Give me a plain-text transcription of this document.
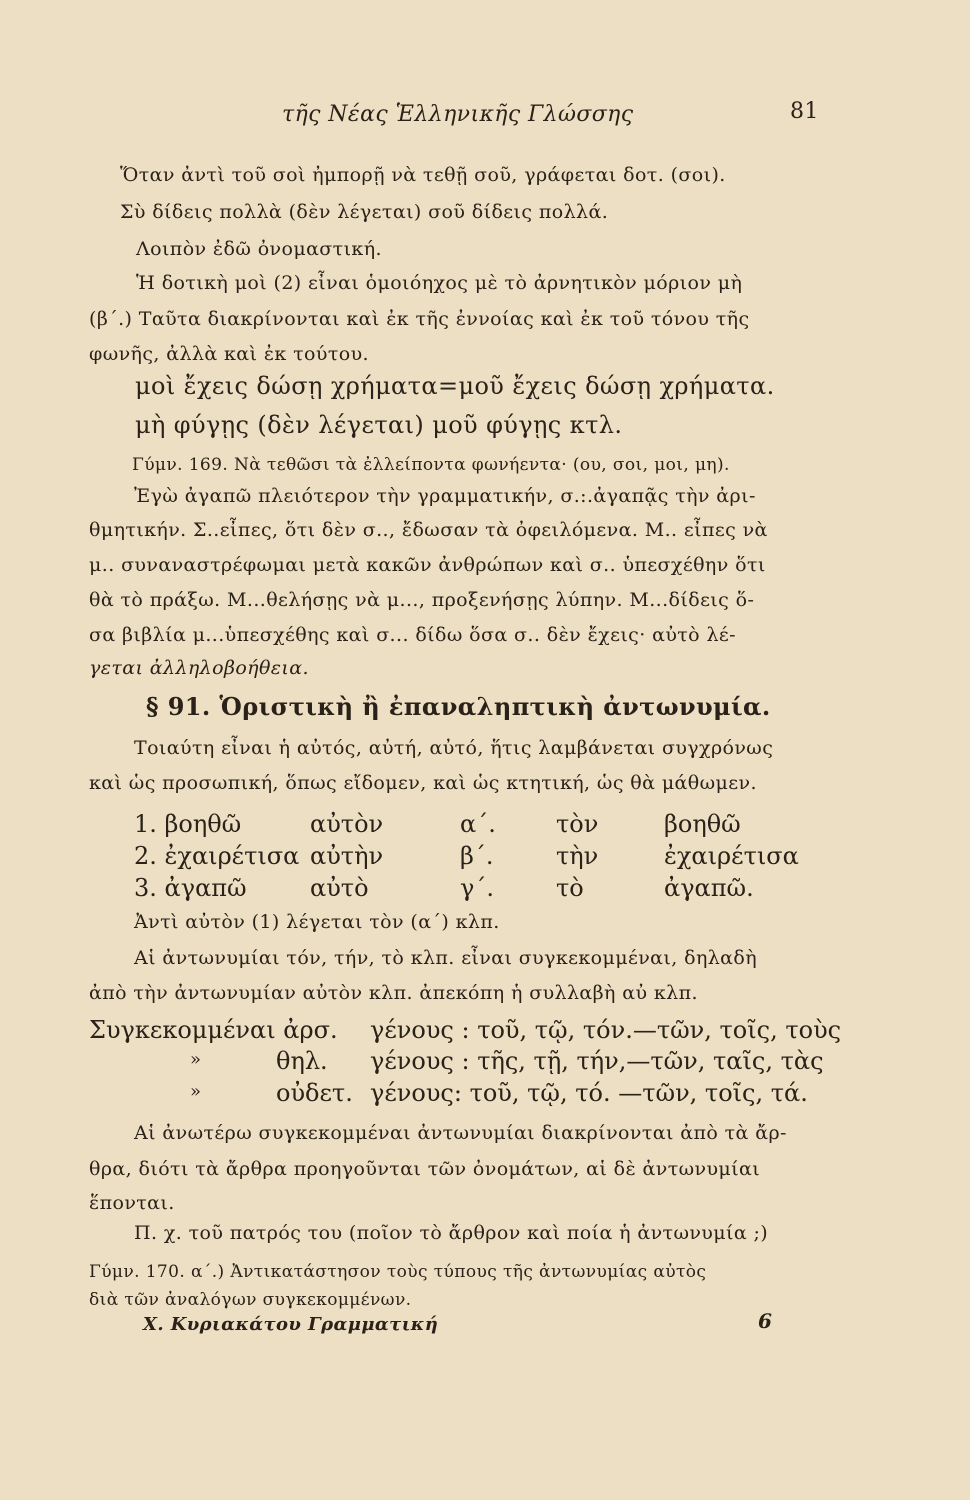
τῆς Νέας Ἑλληνικῆς Γλώσσης	81
Ὅταν ἀντὶ τοῦ σοὶ ἠμπορῇ νὰ τεθῇ σοῦ, γράφεται δοτ. (σοι).
Σὺ δίδεις πολλὰ (δὲν λέγεται) σοῦ δίδεις πολλά.
Λοιπὸν ἐδῶ ὀνομαστική.
Ἡ δοτικὴ μοὶ (2) εἶναι ὁμοιόηχος μὲ τὸ ἀρνητικὸν μόριον μὴ
(β΄.) Ταῦτα διακρίνονται καὶ ἐκ τῆς ἐννοίας καὶ ἐκ τοῦ τόνου τῆς
φωνῆς, ἀλλὰ καὶ ἐκ τούτου.
μοὶ ἔχεις δώσῃ χρήματα=μοῦ ἔχεις δώσῃ χρήματα.
μὴ φύγῃς (δὲν λέγεται) μοῦ φύγῃς κτλ.
Γύμν. 169. Νὰ τεθῶσι τὰ ἐλλείποντα φωνήεντα· (ου, σοι, μοι, μη).
Ἐγὼ ἀγαπῶ πλειότερον τὴν γραμματικήν, σ.:.ἀγαπᾷς τὴν ἀρι-
θμητικήν. Σ..εἶπες, ὅτι δὲν σ.., ἔδωσαν τὰ ὀφειλόμενα. Μ.. εἶπες νὰ
μ.. συναναστρέφωμαι μετὰ κακῶν ἀνθρώπων καὶ σ.. ὑπεσχέθην ὅτι
θὰ τὸ πράξω. Μ...θελήσῃς νὰ μ..., προξενήσῃς λύπην. Μ...δίδεις ὅ-
σα βιβλία μ...ὑπεσχέθης καὶ σ... δίδω ὅσα σ.. δὲν ἔχεις· αὐτὸ λέ-
γεται ἀλληλοβοήθεια.
§ 91. Ὁριστικὴ ἢ ἐπαναληπτικὴ ἀντωνυμία.
Τοιαύτη εἶναι ἡ αὐτός, αὐτή, αὐτό, ἥτις λαμβάνεται συγχρόνως
καὶ ὡς προσωπική, ὅπως εἴδομεν, καὶ ὡς κτητική, ὡς θὰ μάθωμεν.
1. βοηθῶ	αὐτὸν	α΄.	τὸν	βοηθῶ
2. ἐχαιρέτισα αὐτὴν	β΄.	τὴν	ἐχαιρέτισα
3. ἀγαπῶ	αὐτὸ	γ΄.	τὸ	ἀγαπῶ.
Ἀντὶ αὐτὸν (1) λέγεται τὸν (α΄) κλπ.
Αἱ ἀντωνυμίαι τόν, τήν, τὸ κλπ. εἶναι συγκεκομμέναι, δηλαδὴ
ἀπὸ τὴν ἀντωνυμίαν αὐτὸν κλπ. ἀπεκόπη ἡ συλλαβὴ αὐ κλπ.
Συγκεκομμέναι ἀρσ. γένους : τοῦ, τῷ, τόν.—τῶν, τοῖς, τοὺς
»	θηλ. γένους : τῆς, τῇ, τήν,—τῶν, ταῖς, τὰς
»	οὐδετ. γένους: τοῦ, τῷ, τό. —τῶν, τοῖς, τά.
Αἱ ἀνωτέρω συγκεκομμέναι ἀντωνυμίαι διακρίνονται ἀπὸ τὰ ἄρ-
θρα, διότι τὰ ἄρθρα προηγοῦνται τῶν ὀνομάτων, αἱ δὲ ἀντωνυμίαι
ἕπονται.
Π. χ. τοῦ πατρός του (ποῖον τὸ ἄρθρον καὶ ποία ἡ ἀντωνυμία ;)
Γύμν. 170. α΄.) Ἀντικατάστησον τοὺς τύπους τῆς ἀντωνυμίας αὐτὸς
διὰ τῶν ἀναλόγων συγκεκομμένων.
Χ. Κυριακάτου Γραμματική	6
